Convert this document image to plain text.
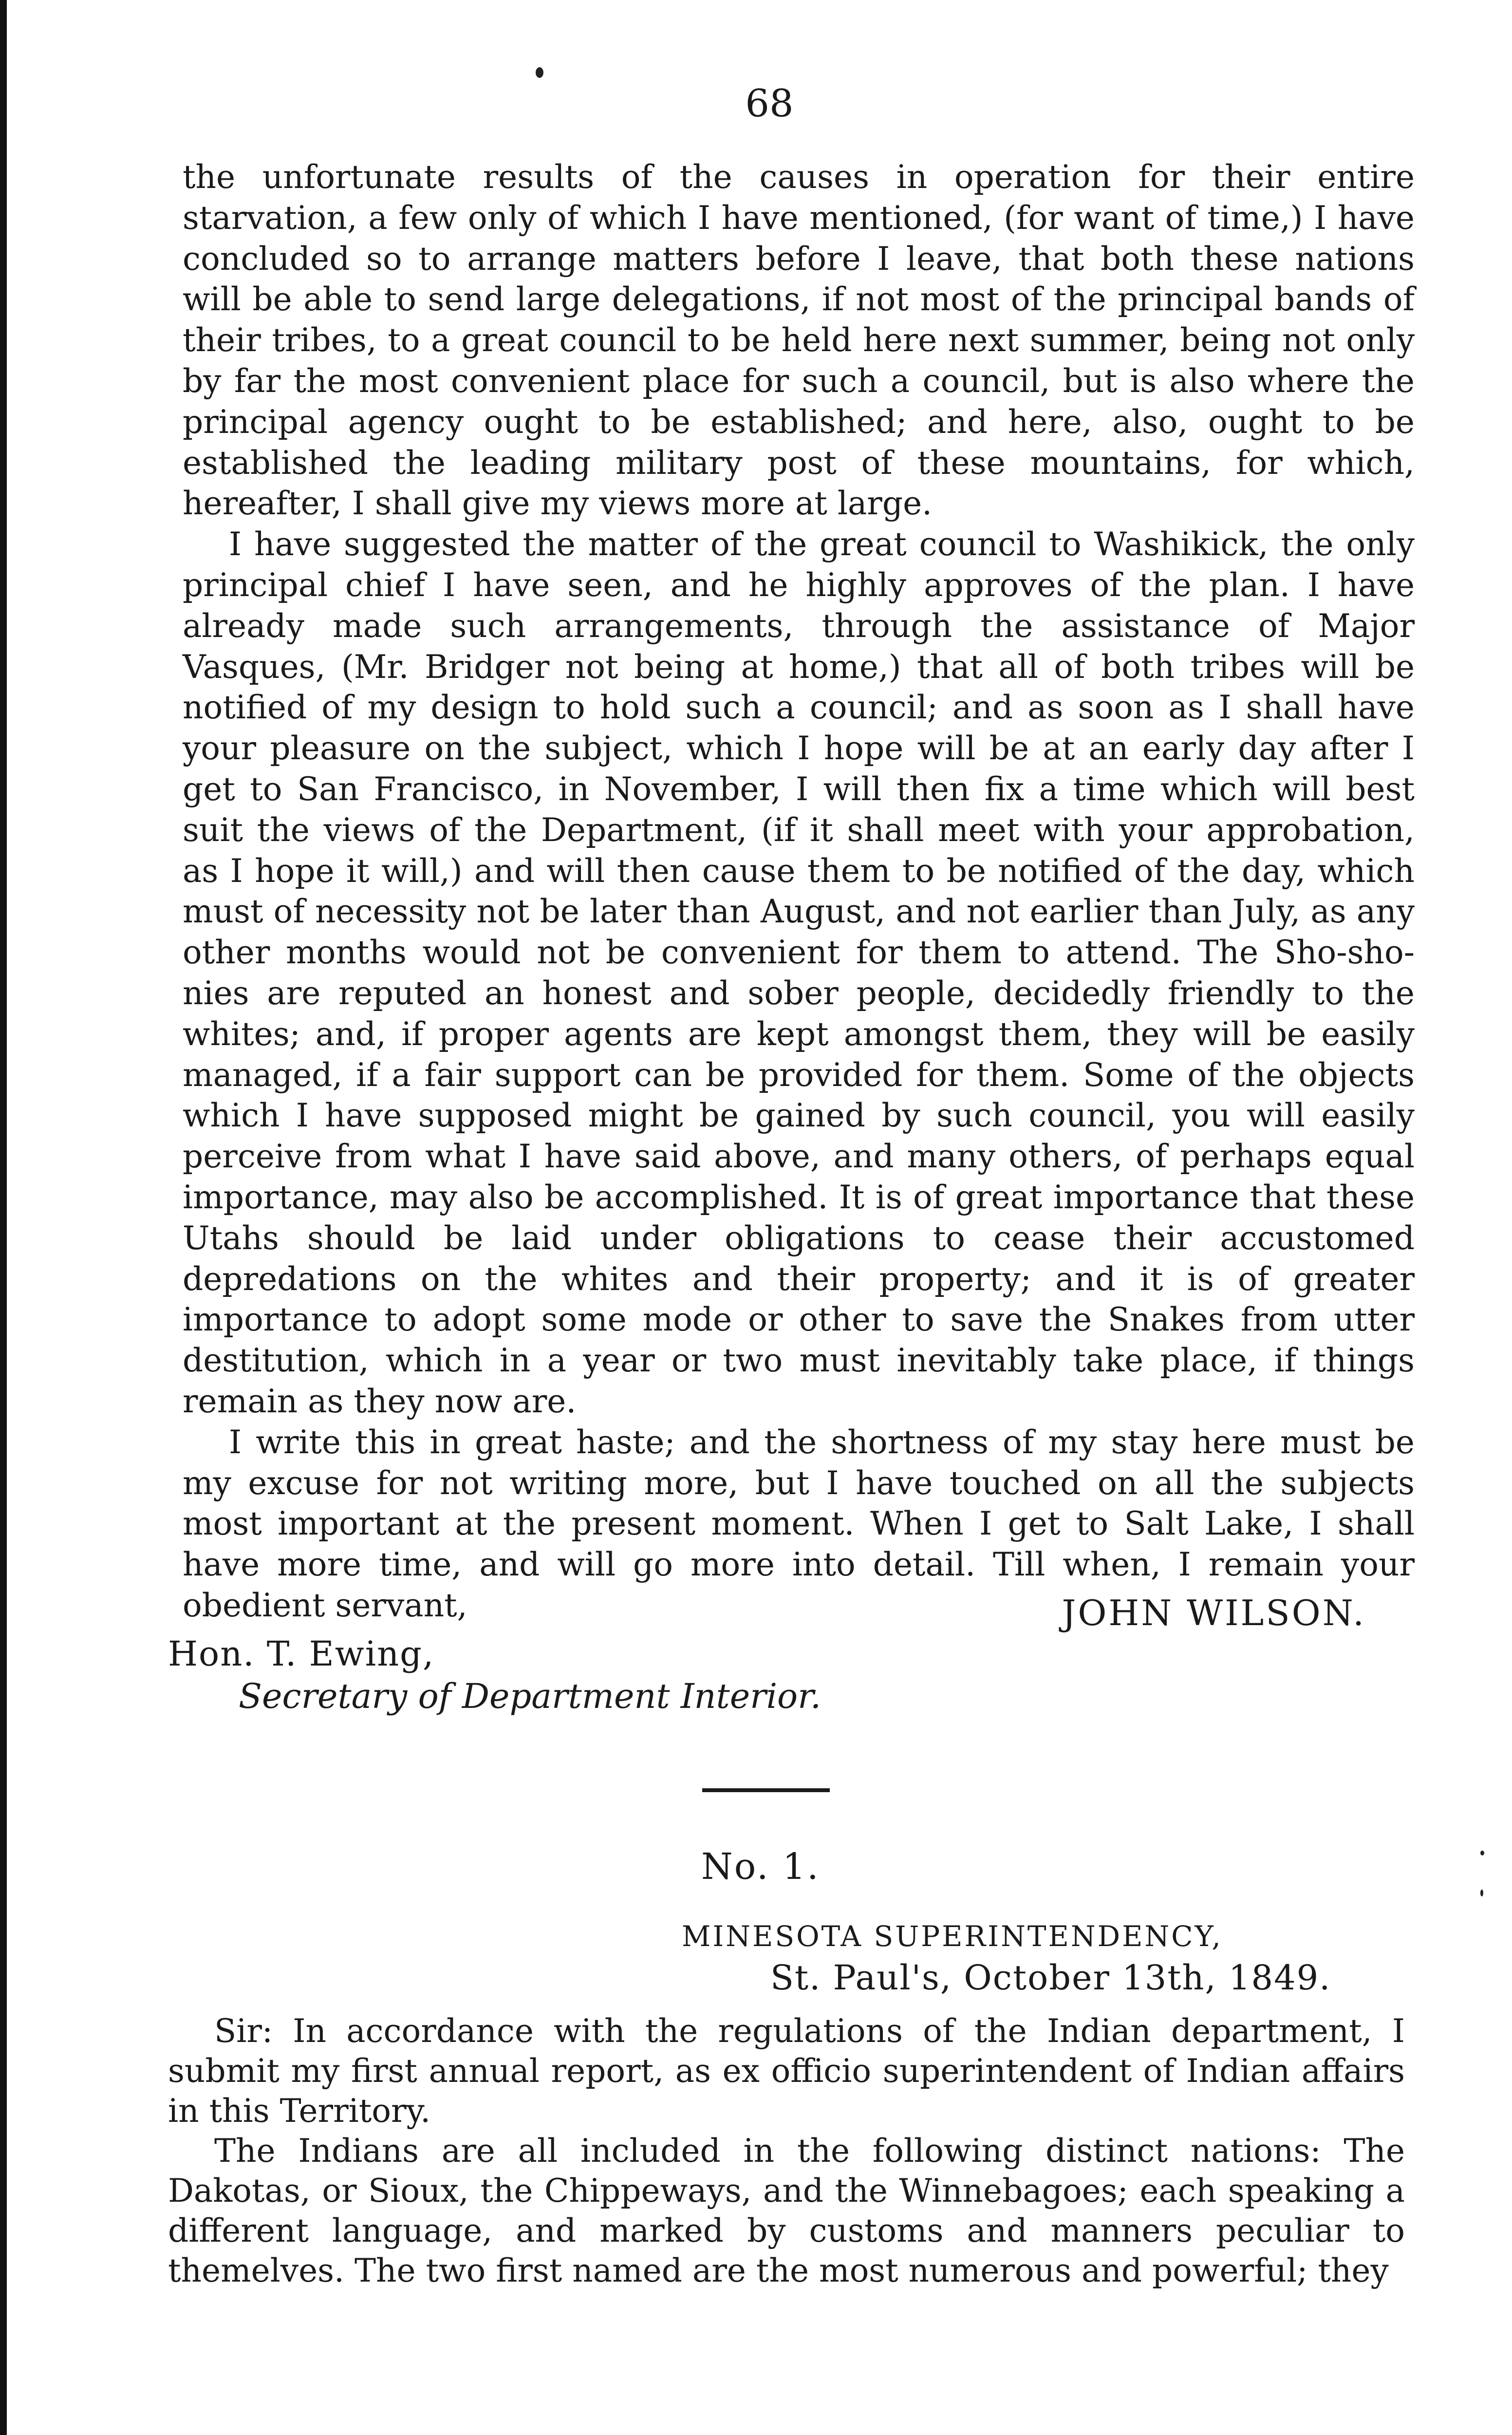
68

the unfortunate results of the causes in operation for their entire starvation, a few only of which I have mentioned, (for want of time,) I have concluded so to arrange matters before I leave, that both these nations will be able to send large delegations, if not most of the principal bands of their tribes, to a great council to be held here next summer, being not only by far the most convenient place for such a council, but is also where the principal agency ought to be established; and here, also, ought to be established the leading military post of these mountains, for which, hereafter, I shall give my views more at large.

I have suggested the matter of the great council to Washikick, the only principal chief I have seen, and he highly approves of the plan. I have already made such arrangements, through the assistance of Major Vasques, (Mr. Bridger not being at home,) that all of both tribes will be notified of my design to hold such a council; and as soon as I shall have your pleasure on the subject, which I hope will be at an early day after I get to San Francisco, in November, I will then fix a time which will best suit the views of the Department, (if it shall meet with your approbation, as I hope it will,) and will then cause them to be notified of the day, which must of necessity not be later than August, and not earlier than July, as any other months would not be convenient for them to attend. The Sho-sho-nies are reputed an honest and sober people, decidedly friendly to the whites; and, if proper agents are kept amongst them, they will be easily managed, if a fair support can be provided for them. Some of the objects which I have supposed might be gained by such council, you will easily perceive from what I have said above, and many others, of perhaps equal importance, may also be accomplished. It is of great importance that these Utahs should be laid under obligations to cease their accustomed depredations on the whites and their property; and it is of greater importance to adopt some mode or other to save the Snakes from utter destitution, which in a year or two must inevitably take place, if things remain as they now are.

I write this in great haste; and the shortness of my stay here must be my excuse for not writing more, but I have touched on all the subjects most important at the present moment. When I get to Salt Lake, I shall have more time, and will go more into detail. Till when, I remain your obedient servant,	JOHN WILSON.
Hon. T. Ewing,
Secretary of Department Interior.
No. 1.
MINESOTA SUPERINTENDENCY,
St. Paul's, October 13th, 1849.

Sir: In accordance with the regulations of the Indian department, I submit my first annual report, as ex officio superintendent of Indian affairs in this Territory.

The Indians are all included in the following distinct nations: The Dakotas, or Sioux, the Chippeways, and the Winnebagoes; each speaking a different language, and marked by customs and manners peculiar to themelves. The two first named are the most numerous and powerful; they
